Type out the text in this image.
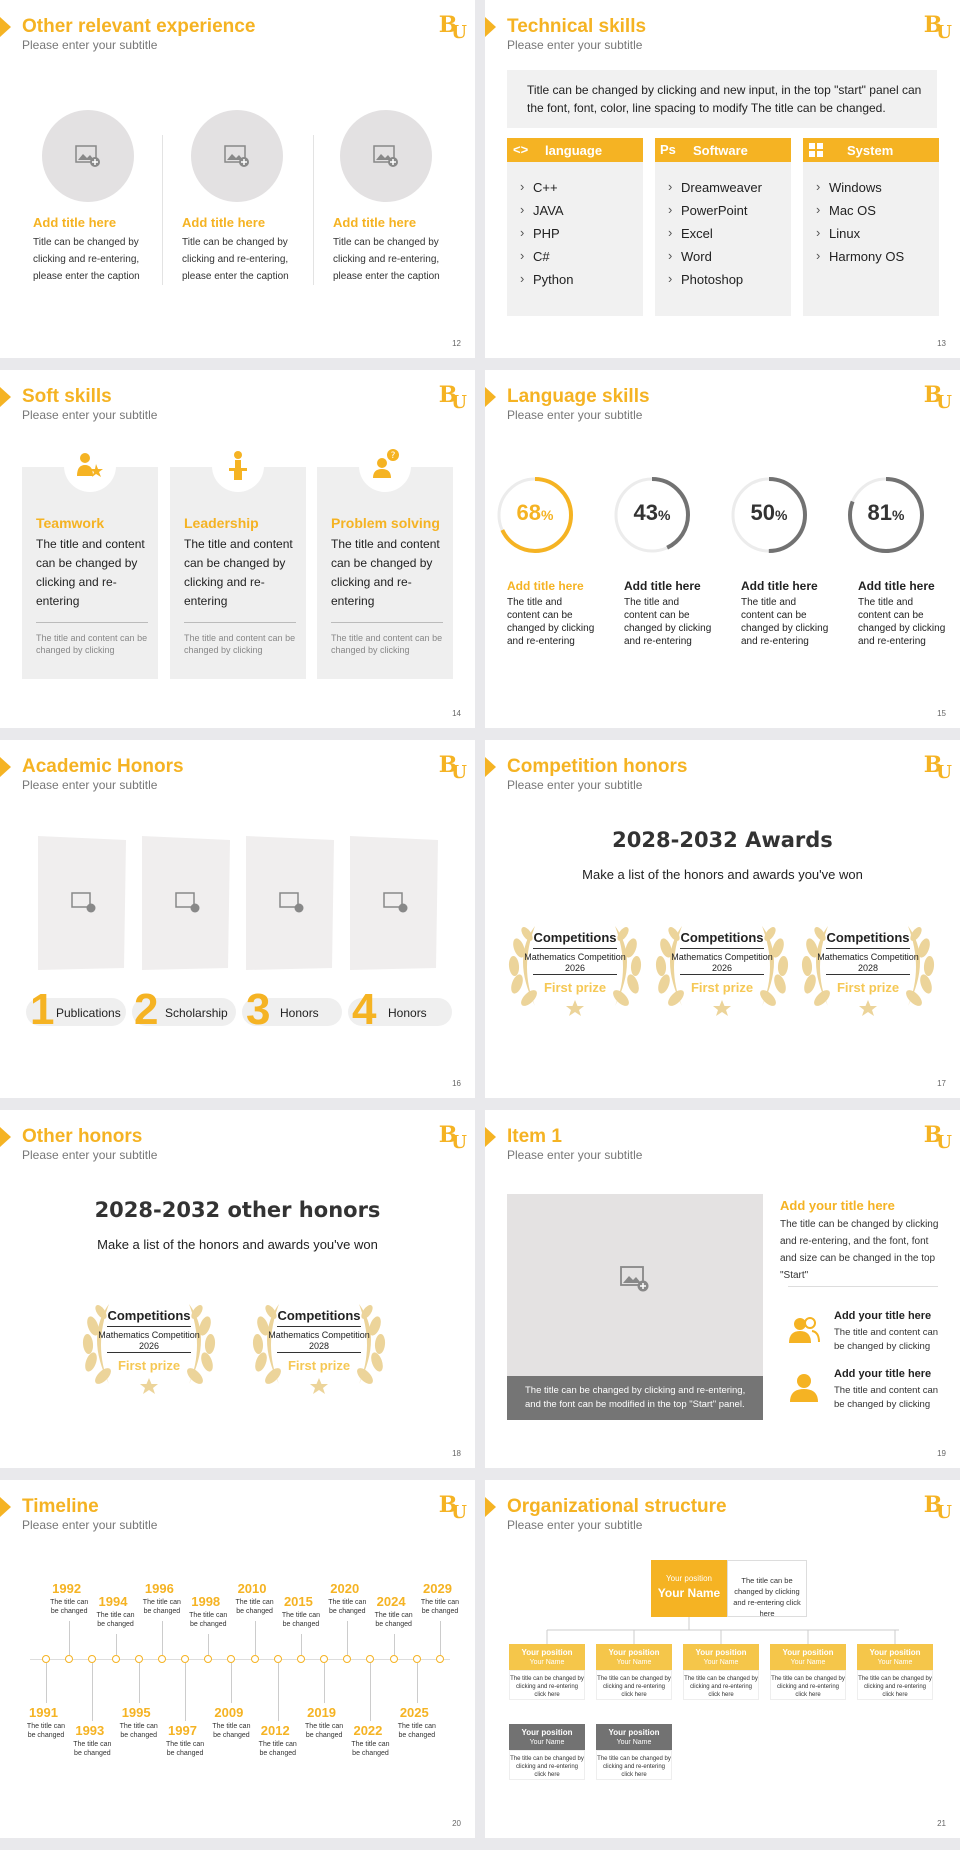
Other relevant experience
Please enter your subtitle
BU
Add title here
Title can be changed by clicking and re-entering, please enter the caption
Add title here
Title can be changed by clicking and re-entering, please enter the caption
Add title here
Title can be changed by clicking and re-entering, please enter the caption
12
Technical skills
Please enter your subtitle
BU
Title can be changed by clicking and new input, in the top "start" panel can the font, font, color, line spacing to modify The title can be changed.
<> language
› C++
› JAVA
› PHP
› C#
› Python
Ps Software
› Dreamweaver
› PowerPoint
› Excel
› Word
› Photoshop
System
› Windows
› Mac OS
› Linux
› Harmony OS
13
Soft skills
Please enter your subtitle
BU
Teamwork
The title and content can be changed by clicking and re-entering
The title and content can be changed by clicking
Leadership
The title and content can be changed by clicking and re-entering
The title and content can be changed by clicking
Problem solving
The title and content can be changed by clicking and re-entering
The title and content can be changed by clicking
?
14
Language skills
Please enter your subtitle
BU
68%	43%	50%	81%
Add title here
The title and content can be changed by clicking and re-entering
Add title here
The title and content can be changed by clicking and re-entering
Add title here
The title and content can be changed by clicking and re-entering
Add title here
The title and content can be changed by clicking and re-entering
15
Academic Honors
Please enter your subtitle
BU
1 Publications 2 Scholarship 3 Honors 4 Honors
16
Competition honors
Please enter your subtitle
BU
2028-2032 Awards
Make a list of the honors and awards you've won
Competitions
Mathematics Competition
2026
First prize
Competitions
Mathematics Competition
2026
First prize
Competitions
Mathematics Competition
2028
First prize
17
Other honors
Please enter your subtitle
BU
2028-2032 other honors
Make a list of the honors and awards you've won
Competitions
Mathematics Competition
2026
First prize
Competitions
Mathematics Competition
2028
First prize
18
Item 1
Please enter your subtitle
BU
The title can be changed by clicking and re-entering, and the font can be modified in the top "Start" panel.
Add your title here
The title can be changed by clicking and re-entering, and the font, font and size can be changed in the top "Start"
Add your title here
The title and content can be changed by clicking
Add your title here
The title and content can be changed by clicking
19
Timeline
Please enter your subtitle
BU
1991
The title can be changed
1992
The title can be changed
1993
The title can be changed
1994
The title can be changed
1995
The title can be changed
1996
The title can be changed
1997
The title can be changed
1998
The title can be changed
2009
The title can be changed
2010
The title can be changed
2012
The title can be changed
2015
The title can be changed
2019
The title can be changed
2020
The title can be changed
2022
The title can be changed
2024
The title can be changed
2025
The title can be changed
2029
The title can be changed
20
Organizational structure
Please enter your subtitle
BU
Your position
Your Name
The title can be changed by clicking and re-entering click here
Your position
Your Name
The title can be changed by clicking and re-entering click here
Your position
Your Name
The title can be changed by clicking and re-entering click here
Your position
Your Name
The title can be changed by clicking and re-entering click here
Your position
Your Name
The title can be changed by clicking and re-entering click here
Your position
Your Name
The title can be changed by clicking and re-entering click here
Your position
Your Name
The title can be changed by clicking and re-entering click here
Your position
Your Name
The title can be changed by clicking and re-entering click here
21
